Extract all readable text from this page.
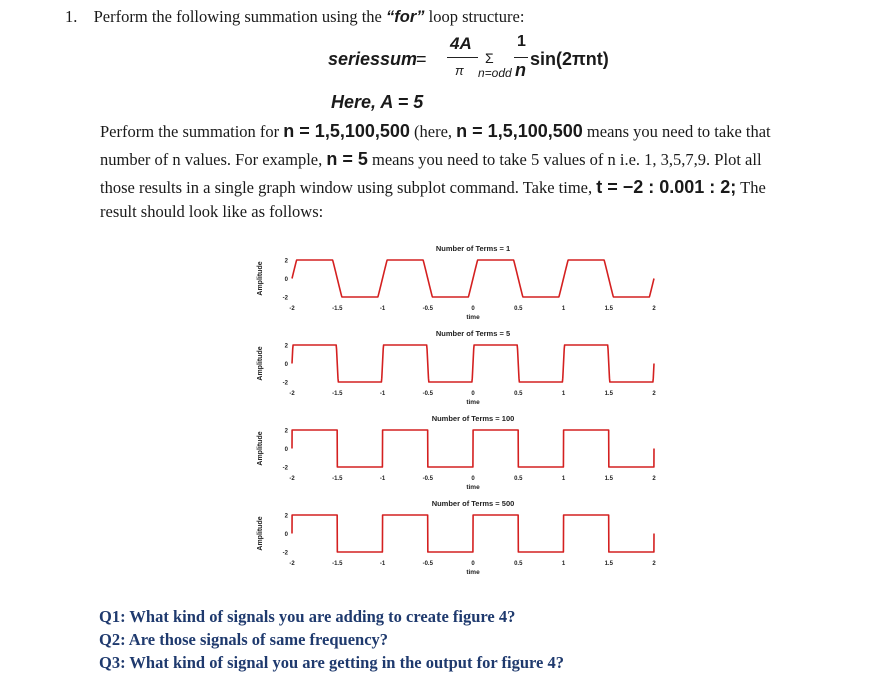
1. Perform the following summation using the “for” loop structure:
seriessum
=
4A
π
Σ
n=odd
1
n
sin(2πnt)
Here, A = 5
Perform the summation for n = 1,5,100,500 (here, n = 1,5,100,500 means you need to take that
number of n values. For example, n = 5 means you need to take 5 values of n i.e. 1, 3,5,7,9. Plot all
those results in a single graph window using subplot command. Take time, t = −2 : 0.001 : 2; The
result should look like as follows:
Number of Terms = 1
Amplitude	2
0
-2
-2	-1.5	-1	-0.5	0	0.5	1	1.5	2
time
Number of Terms = 5
Amplitude	2
0
-2
-2	-1.5	-1	-0.5	0	0.5	1	1.5	2
time
Number of Terms = 100
Amplitude	2
0
-2
-2	-1.5	-1	-0.5	0	0.5	1	1.5	2
time
Number of Terms = 500
Amplitude	2
0
-2
-2	-1.5	-1	-0.5	0	0.5	1	1.5	2
time
Q1: What kind of signals you are adding to create figure 4?
Q2: Are those signals of same frequency?
Q3: What kind of signal you are getting in the output for figure 4?
